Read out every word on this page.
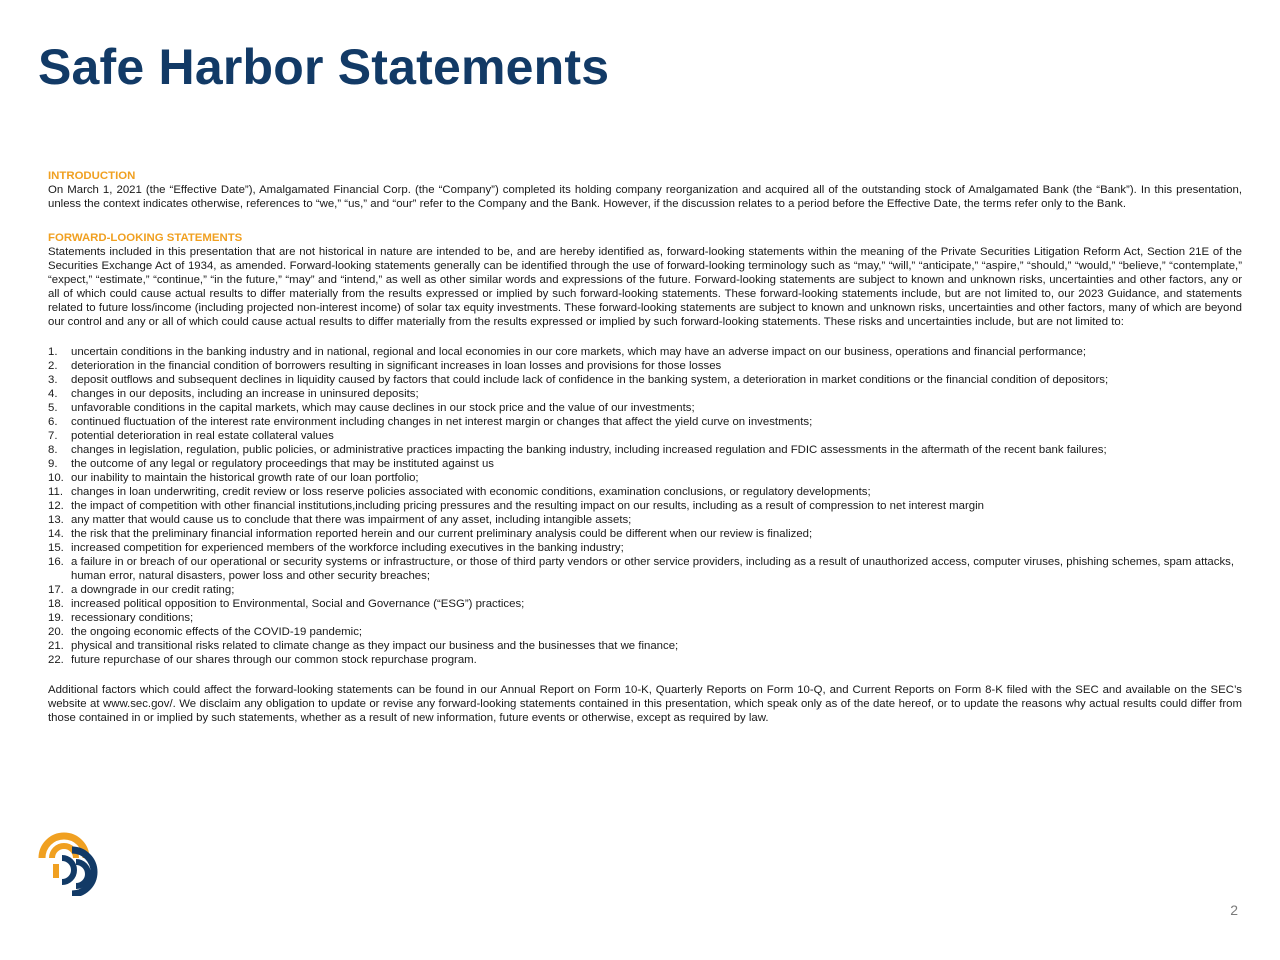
Safe Harbor Statements

INTRODUCTION

On March 1, 2021 (the “Effective Date”), Amalgamated Financial Corp. (the “Company”) completed its holding company reorganization and acquired all of the outstanding stock of Amalgamated Bank (the “Bank”). In this presentation, unless the context indicates otherwise, references to “we,” “us,” and “our” refer to the Company and the Bank. However, if the discussion relates to a period before the Effective Date, the terms refer only to the Bank.

FORWARD-LOOKING STATEMENTS

Statements included in this presentation that are not historical in nature are intended to be, and are hereby identified as, forward-looking statements within the meaning of the Private Securities Litigation Reform Act, Section 21E of the Securities Exchange Act of 1934, as amended. Forward-looking statements generally can be identified through the use of forward-looking terminology such as “may,” “will,” “anticipate,” “aspire,” “should,” “would,” “believe,” “contemplate,” “expect,” “estimate,” “continue,” “in the future,” “may” and “intend,” as well as other similar words and expressions of the future. Forward-looking statements are subject to known and unknown risks, uncertainties and other factors, any or all of which could cause actual results to differ materially from the results expressed or implied by such forward-looking statements. These forward-looking statements include, but are not limited to, our 2023 Guidance, and statements related to future loss/income (including projected non-interest income) of solar tax equity investments. These forward-looking statements are subject to known and unknown risks, uncertainties and other factors, many of which are beyond our control and any or all of which could cause actual results to differ materially from the results expressed or implied by such forward-looking statements. These risks and uncertainties include, but are not limited to:

1.	uncertain conditions in the banking industry and in national, regional and local economies in our core markets, which may have an adverse impact on our business, operations and financial performance;
2.	deterioration in the financial condition of borrowers resulting in significant increases in loan losses and provisions for those losses
3.	deposit outflows and subsequent declines in liquidity caused by factors that could include lack of confidence in the banking system, a deterioration in market conditions or the financial condition of depositors;
4.	changes in our deposits, including an increase in uninsured deposits;
5.	unfavorable conditions in the capital markets, which may cause declines in our stock price and the value of our investments;
6.	continued fluctuation of the interest rate environment including changes in net interest margin or changes that affect the yield curve on investments;
7.	potential deterioration in real estate collateral values
8.	changes in legislation, regulation, public policies, or administrative practices impacting the banking industry, including increased regulation and FDIC assessments in the aftermath of the recent bank failures;
9.	the outcome of any legal or regulatory proceedings that may be instituted against us
10. our inability to maintain the historical growth rate of our loan portfolio;
11. changes in loan underwriting, credit review or loss reserve policies associated with economic conditions, examination conclusions, or regulatory developments;
12. the impact of competition with other financial institutions,including pricing pressures and the resulting impact on our results, including as a result of compression to net interest margin
13. any matter that would cause us to conclude that there was impairment of any asset, including intangible assets;
14. the risk that the preliminary financial information reported herein and our current preliminary analysis could be different when our review is finalized;
15. increased competition for experienced members of the workforce including executives in the banking industry;
16. a failure in or breach of our operational or security systems or infrastructure, or those of third party vendors or other service providers, including as a result of unauthorized access, computer viruses, phishing schemes, spam attacks, human error, natural disasters, power loss and other security breaches;
17. a downgrade in our credit rating;
18. increased political opposition to Environmental, Social and Governance (“ESG”) practices;
19. recessionary conditions;
20. the ongoing economic effects of the COVID-19 pandemic;
21. physical and transitional risks related to climate change as they impact our business and the businesses that we finance;
22. future repurchase of our shares through our common stock repurchase program.

Additional factors which could affect the forward-looking statements can be found in our Annual Report on Form 10-K, Quarterly Reports on Form 10-Q, and Current Reports on Form 8-K filed with the SEC and available on the SEC’s website at www.sec.gov/. We disclaim any obligation to update or revise any forward-looking statements contained in this presentation, which speak only as of the date hereof, or to update the reasons why actual results could differ from those contained in or implied by such statements, whether as a result of new information, future events or otherwise, except as required by law.

2
